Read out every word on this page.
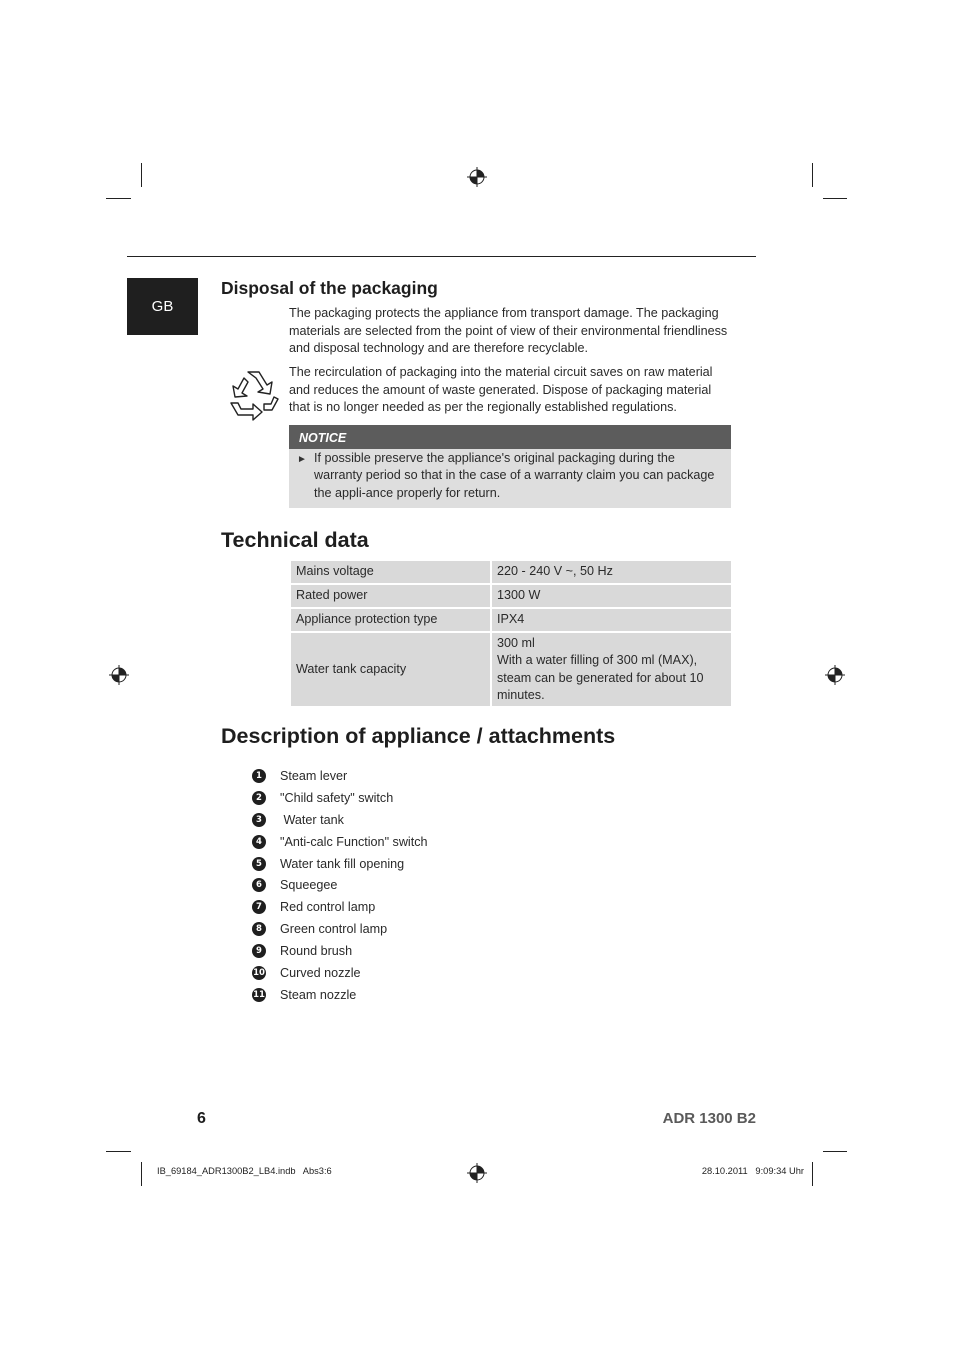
GB
Disposal of the packaging

The packaging protects the appliance from transport damage. The packaging materials are selected from the point of view of their environmental friendliness and disposal technology and are therefore recyclable.

The recirculation of packaging into the material circuit saves on raw material and reduces the amount of waste generated. Dispose of packaging material that is no longer needed as per the regionally established regulations.

NOTICE
► If possible preserve the appliance's original packaging during the warranty period so that in the case of a warranty claim you can package the appli-ance properly for return.
Technical data
Mains voltage	220 - 240 V ~, 50 Hz
Rated power	1300 W
Appliance protection type	IPX4
Water tank capacity	300 ml
With a water filling of 300 ml (MAX), steam can be generated for about 10 minutes.
Description of appliance / attachments
1	Steam lever
2	"Child safety" switch
3	Water tank
4	"Anti-calc Function" switch
5	Water tank fill opening
6	Squeegee
7	Red control lamp
8	Green control lamp
9	Round brush
10 Curved nozzle
11 Steam nozzle
6	ADR 1300 B2
IB_69184_ADR1300B2_LB4.indb   Abs3:6	28.10.2011   9:09:34 Uhr
